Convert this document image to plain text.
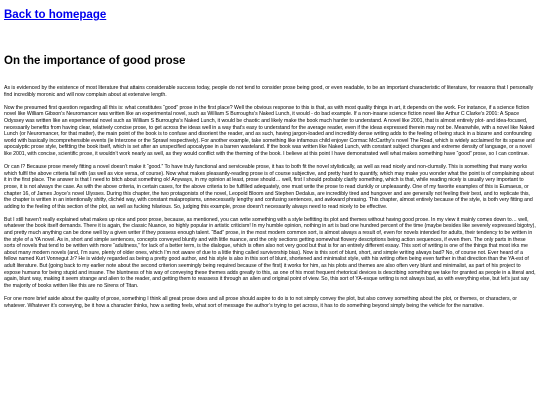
Back to homepage
On the importance of good prose

As is evidenced by the existence of most literature that attains considerable success today, people do not tend to consider prose being good, or even readable, to be an important characteristic of literature, for reasons that I personally find incredibly moronic and will now complain about at extensive length.

Now the presumed first question regarding all this is: what constitutes “good” prose in the first place? Well the obvious response to this is that, as with most quality things in art, it depends on the work. For instance, if a science fiction novel like William Gibson’s Neuromancer was written like an experimental novel, such as William S Burroughs’s Naked Lunch, it would - do bad example. If a non-insane science fiction novel like Arthur C Clarke’s 2001: A Space Odyssey was written like an experimental novel such as William S Burroughs’s Naked Lunch, it would be chaotic and likely make the book much harder to understand. A novel like 2001, that is almost entirely plot- and idea-focused, necessarily benefits from having clear, relatively concise prose, to get across the ideas well in a way that’s easy to understand for the average reader, even if the ideas expressed therein may not be. Meanwhile, with a novel like Naked Lunch (or Neuromancer, for that matter), the main point of the book is to confuse and disorient the reader, and as such, having jargon-loaded and incredibly dense writing adds to the feeling of being stuck in a bizarre and confounding world with basically incomprehensible events (ie Interzone or the Sprawl respectively). For another example, take something like infamous child enjoyer Cormac McCarthy’s novel The Road, which is widely acclaimed for its sparse and apocalyptic prose style, befitting the book itself, which is set after an unspecified apocalypse in a barren wasteland. If the book was written like Naked Lunch, with constant subject changes and extreme density of language, or a novel like 2001, with concise, scientific prose, it wouldn’t work nearly as well, as they would conflict with the theming of the book. I believe at this point I have demonstrated well what makes something have “good” prose, so I can continue.

Or can I? Because prose merely fitting a novel doesn’t make it “good.” To have truly functional and serviceable prose, it has to both fit the novel stylistically, as well as read nicely and non-clumsily. This is something that many works which fulfil the above criteria fail with (as well as vice versa, of course). Now what makes pleasantly-reading prose is of course subjective, and pretty hard to quantify, which may make you wonder what the point is of complaining about it in the first place. The answer is that I need to bitch about something ok! Anyways, in my opinion at least, prose should… well, first I should probably clarify something, which is that, while reading nicely is usually very important to prose, it is not always the case. As with the above criteria, in certain cases, for the above criteria to be fulfilled adequately, one must write the prose to read clunkily or unpleasantly. One of my favorite examples of this is Eumaeus, or chapter 16, of James Joyce’s novel Ulysses. During this chapter, the two protagonists of the novel, Leopold Bloom and Stephen Dedalus, are incredibly tired and hungover and are generally not feeling their best, and to replicate this, the chapter is written in an intentionally shitty, clichéd way, with constant malapropisms, unnecessarily lengthy and confusing sentences, and awkward phrasing. This chapter, almost entirely because of the style, is both very fitting and adding to the feeling of this section of the plot, as well as fucking hilarious. So, judging this example, prose doesn’t necessarily always need to read nicely to be effective.

But I still haven’t really explained what makes up nice and poor prose, because, as mentioned, you can write something with a style befitting its plot and themes without having good prose. In my view it mainly comes down to… well, whatever the book itself demands. There it is again, the classic Nuance, so highly popular in artistic criticism! In my humble opinion, nothing in art is bad one hundred percent of the time (maybe besides like severely expressed bigotry), and pretty much anything can be done well by a given writer if they possess enough talent. “Bad” prose, in the most modern common sort, is almost always a result of, even for novels intended for adults, their tendency to be written in the style of a YA novel. As in, short and simple sentences, concepts conveyed bluntly and with little nuance, and the only sections getting somewhat flowery descriptions being action sequences, if even then. The only parts in these sorts of novels that tend to be written with more “adultness,” for lack of a better term, is the dialogue, which is often also not very good but that is for an entirely different essay. This sort of writing is one of the things that most irks me about many modern novels (and, I’m sure, plenty of older ones, which I’m not aware of due to a little thing called survivorship bias). Now is this sort of blunt, short, and simple writing always bad? No, of course not. Ever heard of a fellow named Kurt Vonnegut Jr? He is widely regarded as being a pretty good author, and his style is also in this sort of blunt, shortened and minimalist style, with his writing often being even farther in that direction than the YA-est of adult literature. But (going back to my earlier note about the second criterion seemingly being required because of the first) it works for him, as his plots and themes are also often very blunt and minimalist, as part of his project to expose humans for being stupid and insane. The bluntness of his way of conveying these themes adds greatly to this, as one of his most frequent rhetorical devices is describing something we take for granted as people in a literal and, again, blunt way, making it seem strange and alien to the reader, and getting them to reassess it through an alien and original point of view. So, this sort of YA-esque writing is not always bad, as with everything else, but let’s just say the majority of books written like this are no Sirens of Titan.

For one more brief aside about the quality of prose, something I think all great prose does and all prose should aspire to do is to not simply convey the plot, but also convey something about the plot, or themes, or characters, or whatever. Whatever it’s conveying, be it how a character thinks, how a setting feels, what sort of message the author’s trying to get across, it has to do something beyond simply being the vehicle for the narrative.
